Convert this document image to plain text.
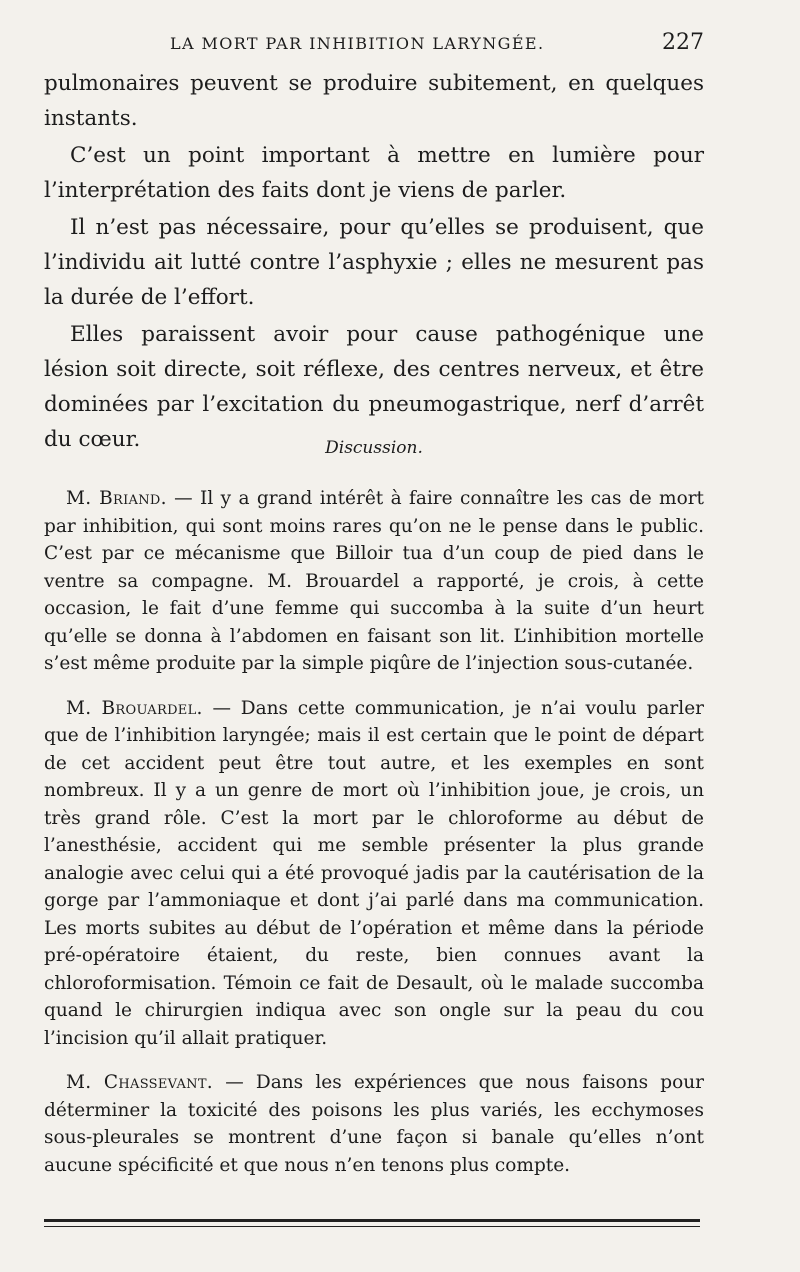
LA MORT PAR INHIBITION LARYNGÉE.	227

pulmonaires peuvent se produire subitement, en quelques instants.

C’est un point important à mettre en lumière pour l’interprétation des faits dont je viens de parler.

Il n’est pas nécessaire, pour qu’elles se produisent, que l’individu ait lutté contre l’asphyxie ; elles ne mesurent pas la durée de l’effort.

Elles paraissent avoir pour cause pathogénique une lésion soit directe, soit réflexe, des centres nerveux, et être dominées par l’excitation du pneumogastrique, nerf d’arrêt du cœur.	Discussion.

M. Briand. — Il y a grand intérêt à faire connaître les cas de mort par inhibition, qui sont moins rares qu’on ne le pense dans le public. C’est par ce mécanisme que Billoir tua d’un coup de pied dans le ventre sa compagne. M. Brouardel a rapporté, je crois, à cette occasion, le fait d’une femme qui succomba à la suite d’un heurt qu’elle se donna à l’abdomen en faisant son lit. L’inhibition mortelle s’est même produite par la simple piqûre de l’injection sous-cutanée.

M. Brouardel. — Dans cette communication, je n’ai voulu parler que de l’inhibition laryngée; mais il est certain que le point de départ de cet accident peut être tout autre, et les exemples en sont nombreux. Il y a un genre de mort où l’inhibition joue, je crois, un très grand rôle. C’est la mort par le chloroforme au début de l’anesthésie, accident qui me semble présenter la plus grande analogie avec celui qui a été provoqué jadis par la cautérisation de la gorge par l’ammoniaque et dont j’ai parlé dans ma communication. Les morts subites au début de l’opération et même dans la période pré-opératoire étaient, du reste, bien connues avant la chloroformisation. Témoin ce fait de Desault, où le malade succomba quand le chirurgien indiqua avec son ongle sur la peau du cou l’incision qu’il allait pratiquer.

M. Chassevant. — Dans les expériences que nous faisons pour déterminer la toxicité des poisons les plus variés, les ecchymoses sous-pleurales se montrent d’une façon si banale qu’elles n’ont aucune spécificité et que nous n’en tenons plus compte.
